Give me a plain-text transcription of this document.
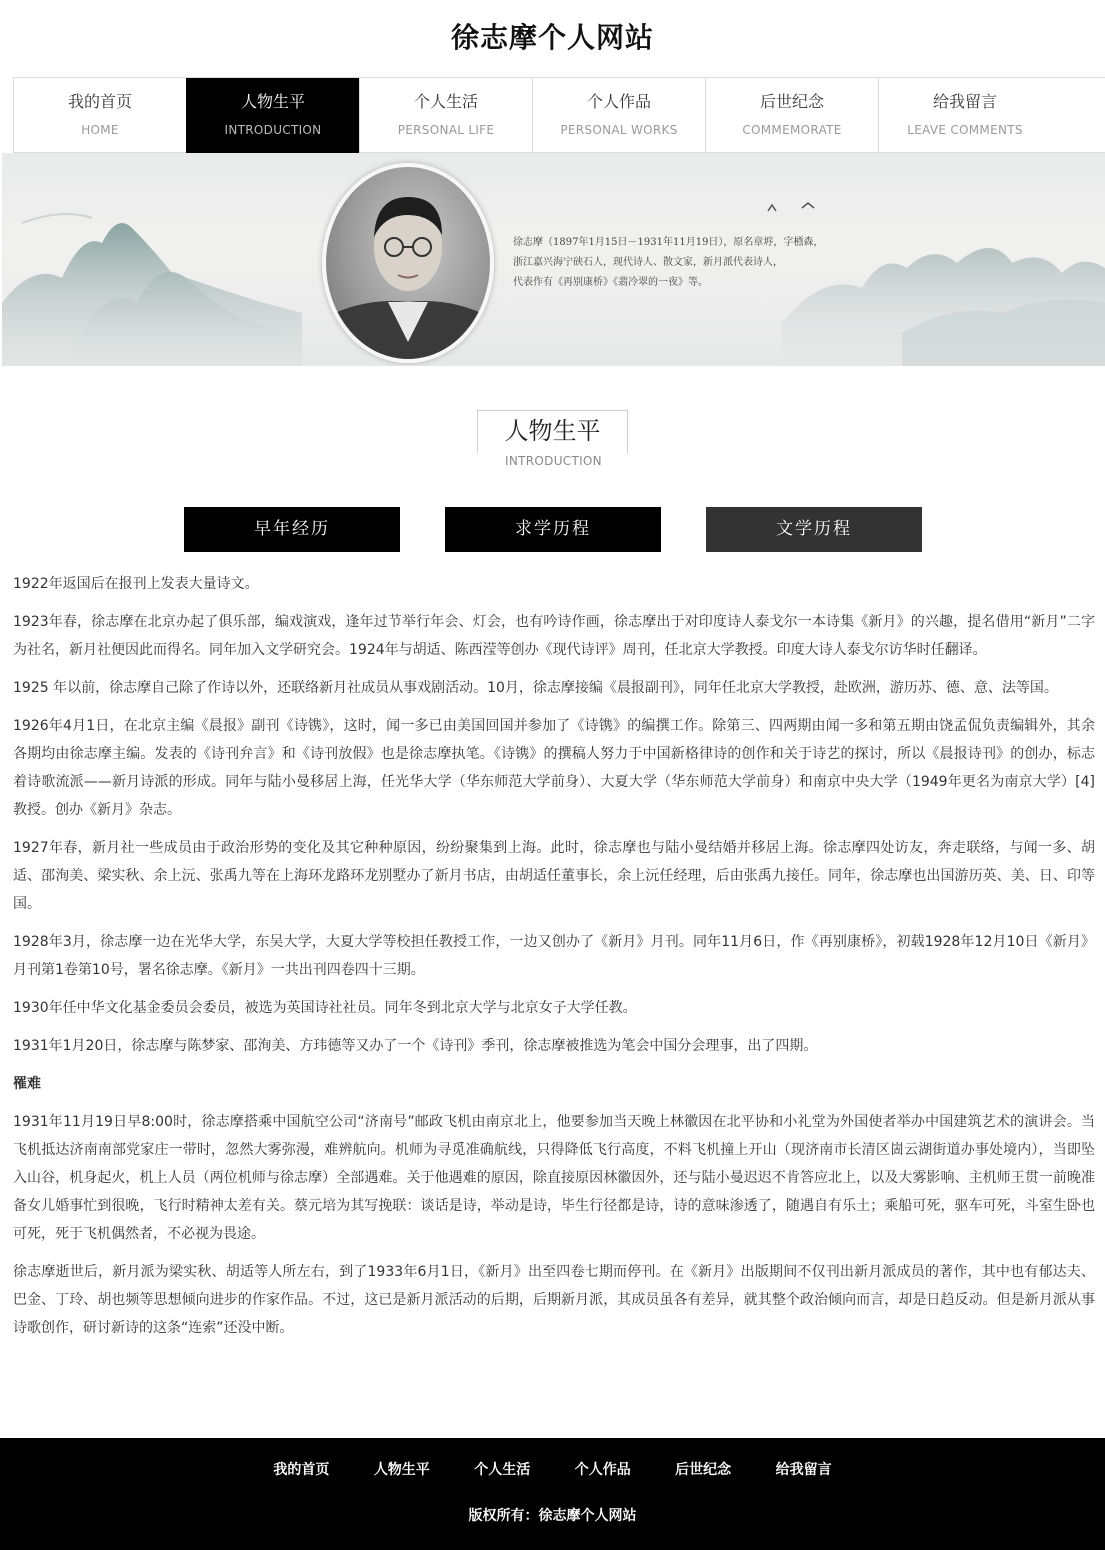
徐志摩个人网站
我的首页
HOME
人物生平
INTRODUCTION
个人生活
PERSONAL LIFE
个人作品
PERSONAL WORKS
后世纪念
COMMEMORATE
给我留言
LEAVE COMMENTS

徐志摩（1897年1月15日－1931年11月19日），原名章垿，字槱森，

浙江嘉兴海宁硖石人，现代诗人、散文家，新月派代表诗人，

代表作有《再别康桥》《翡冷翠的一夜》等。

人物生平
INTRODUCTION
早年经历	求学历程	文学历程

1922年返国后在报刊上发表大量诗文。

1923年春，徐志摩在北京办起了俱乐部，编戏演戏，逢年过节举行年会、灯会，也有吟诗作画，徐志摩出于对印度诗人泰戈尔一本诗集《新月》的兴趣，提名借用“新月”二字为社名，新月社便因此而得名。同年加入文学研究会。1924年与胡适、陈西滢等创办《现代诗评》周刊，任北京大学教授。印度大诗人泰戈尔访华时任翻译。

1925 年以前，徐志摩自己除了作诗以外，还联络新月社成员从事戏剧活动。10月，徐志摩接编《晨报副刊》，同年任北京大学教授，赴欧洲，游历苏、德、意、法等国。

1926年4月1日，在北京主编《晨报》副刊《诗镌》，这时，闻一多已由美国回国并参加了《诗镌》的编撰工作。除第三、四两期由闻一多和第五期由饶孟侃负责编辑外，其余各期均由徐志摩主编。发表的《诗刊弁言》和《诗刊放假》也是徐志摩执笔。《诗镌》的撰稿人努力于中国新格律诗的创作和关于诗艺的探讨，所以《晨报诗刊》的创办，标志着诗歌流派——新月诗派的形成。同年与陆小曼移居上海，任光华大学（华东师范大学前身）、大夏大学（华东师范大学前身）和南京中央大学（1949年更名为南京大学）[4]教授。创办《新月》杂志。

1927年春，新月社一些成员由于政治形势的变化及其它种种原因，纷纷聚集到上海。此时，徐志摩也与陆小曼结婚并移居上海。徐志摩四处访友，奔走联络，与闻一多、胡适、邵洵美、梁实秋、余上沅、张禹九等在上海环龙路环龙别墅办了新月书店，由胡适任董事长，余上沅任经理，后由张禹九接任。同年，徐志摩也出国游历英、美、日、印等国。

1928年3月，徐志摩一边在光华大学，东吴大学，大夏大学等校担任教授工作，一边又创办了《新月》月刊。同年11月6日，作《再别康桥》，初载1928年12月10日《新月》月刊第1卷第10号，署名徐志摩。《新月》一共出刊四卷四十三期。

1930年任中华文化基金委员会委员，被选为英国诗社社员。同年冬到北京大学与北京女子大学任教。

1931年1月20日，徐志摩与陈梦家、邵洵美、方玮德等又办了一个《诗刊》季刊，徐志摩被推选为笔会中国分会理事，出了四期。

罹难

1931年11月19日早8:00时，徐志摩搭乘中国航空公司“济南号”邮政飞机由南京北上，他要参加当天晚上林徽因在北平协和小礼堂为外国使者举办中国建筑艺术的演讲会。当飞机抵达济南南部党家庄一带时，忽然大雾弥漫，难辨航向。机师为寻觅准确航线，只得降低飞行高度，不料飞机撞上开山（现济南市长清区崮云湖街道办事处境内），当即坠入山谷，机身起火，机上人员（两位机师与徐志摩）全部遇难。关于他遇难的原因，除直接原因林徽因外，还与陆小曼迟迟不肯答应北上，以及大雾影响、主机师王贯一前晚准备女儿婚事忙到很晚，飞行时精神太差有关。蔡元培为其写挽联：谈话是诗，举动是诗，毕生行径都是诗，诗的意味渗透了，随遇自有乐土；乘船可死，驱车可死，斗室生卧也可死，死于飞机偶然者，不必视为畏途。

徐志摩逝世后，新月派为梁实秋、胡适等人所左右，到了1933年6月1日，《新月》出至四卷七期而停刊。在《新月》出版期间不仅刊出新月派成员的著作，其中也有郁达夫、巴金、丁玲、胡也频等思想倾向进步的作家作品。不过，这已是新月派活动的后期，后期新月派，其成员虽各有差异，就其整个政治倾向而言，却是日趋反动。但是新月派从事诗歌创作，研讨新诗的这条“连索”还没中断。

我的首页	人物生平	个人生活	个人作品	后世纪念	给我留言
版权所有：徐志摩个人网站
